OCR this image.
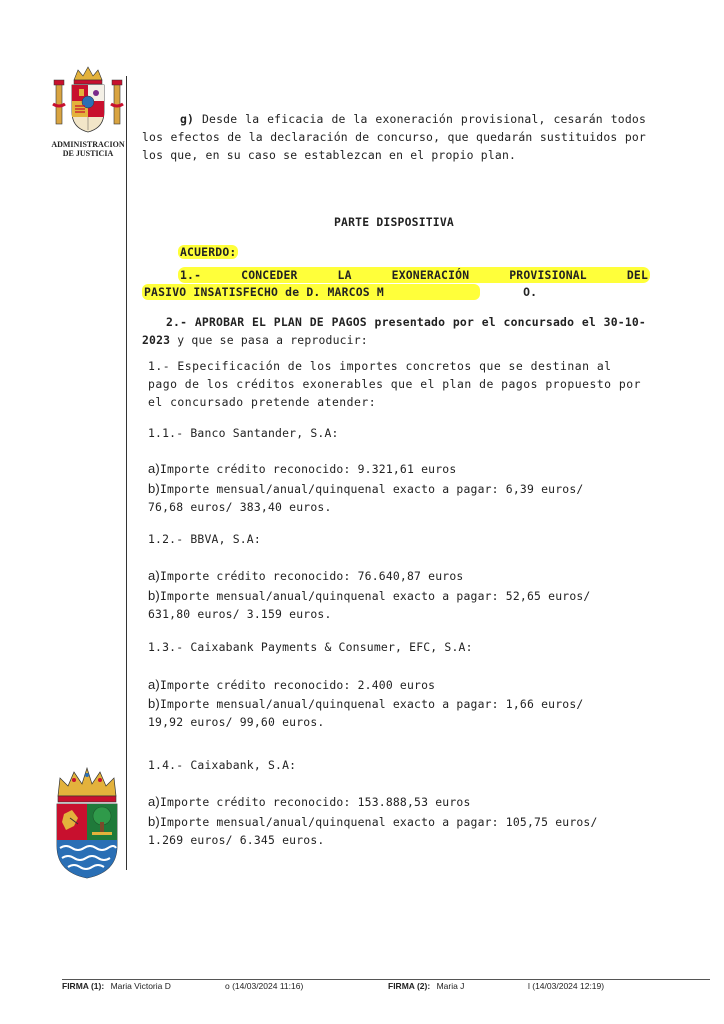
ADMINISTRACION
DE JUSTICIA
g) Desde la eficacia de la exoneración provisional, cesarán todos los efectos de la declaración de concurso, que quedarán sustituidos por los que, en su caso se establezcan en el propio plan.
PARTE DISPOSITIVA
ACUERDO:
1.- CONCEDER LA EXONERACIÓN PROVISIONAL DEL
PASIVO INSATISFECHO de D. MARCOS M	O.
2.- APROBAR EL PLAN DE PAGOS presentado por el concursado el 30-10-2023 y que se pasa a reproducir:
1.- Especificación de los importes concretos que se destinan al pago de los créditos exonerables que el plan de pagos propuesto por el concursado pretende atender:
1.1.- Banco Santander, S.A:
a)Importe crédito reconocido: 9.321,61 euros
b)Importe mensual/anual/quinquenal exacto a pagar: 6,39 euros/ 76,68 euros/ 383,40 euros.
1.2.- BBVA, S.A:
a)Importe crédito reconocido: 76.640,87 euros
b)Importe mensual/anual/quinquenal exacto a pagar: 52,65 euros/ 631,80 euros/ 3.159 euros.
1.3.- Caixabank Payments & Consumer, EFC, S.A:
a)Importe crédito reconocido: 2.400 euros
b)Importe mensual/anual/quinquenal exacto a pagar: 1,66 euros/ 19,92 euros/ 99,60 euros.
1.4.- Caixabank, S.A:
a)Importe crédito reconocido: 153.888,53 euros
b)Importe mensual/anual/quinquenal exacto a pagar: 105,75 euros/ 1.269 euros/ 6.345 euros.
FIRMA (1): Maria Victoria D	o (14/03/2024 11:16)	FIRMA (2): Maria J	l (14/03/2024 12:19)
